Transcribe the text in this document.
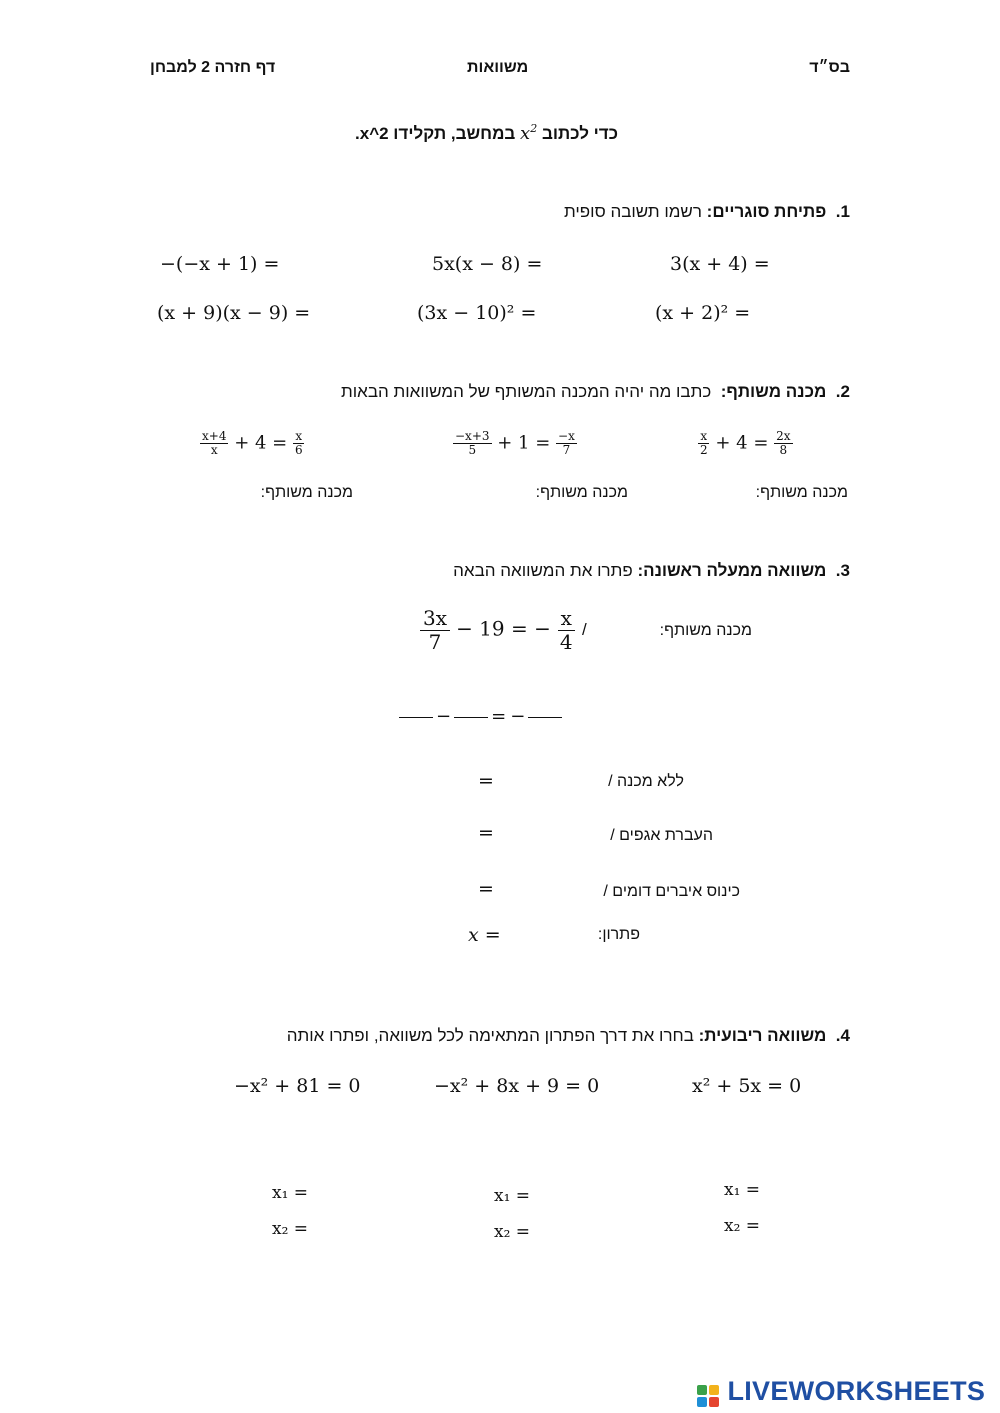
בס״ד
משוואות
דף חזרה 2 למבחן
כדי לכתוב $x^2$ במחשב, תקלידו x^2.
1.  פתיחת סוגריים: רשמו תשובה סופית
3(x + 4) =
5x(x − 8) =
−(−x + 1) =
(x + 2)² =
(3x − 10)² =
(x + 9)(x − 9) =
2.  מכנה משותף:  כתבו מה יהיה המכנה המשותף של המשוואות הבאות
$\frac{x}{2} + 4 = \frac{2x}{8}$
$\frac{-x+3}{5} + 1 = \frac{-x}{7}$
$\frac{x+4}{x} + 4 = \frac{x}{6}$
מכנה משותף:
מכנה משותף:
מכנה משותף:
3.  משוואה ממעלה ראשונה: פתרו את המשוואה הבאה
$\frac{3x}{7} - 19$ = − $\frac{x}{4}$ /	מכנה משותף:
− = −
=	ללא מכנה /
=	העברת אגפים /
=	כינוס איברים דומים /
x =	פתרון:
4.  משוואה ריבועית: בחרו את דרך הפתרון המתאימה לכל משוואה, ופתרו אותה
x² + 5x = 0
−x² + 8x + 9 = 0
−x² + 81 = 0
x₁ =
x₂ =
x₁ =
x₂ =
x₁ =
x₂ =
LIVEWORKSHEETS
